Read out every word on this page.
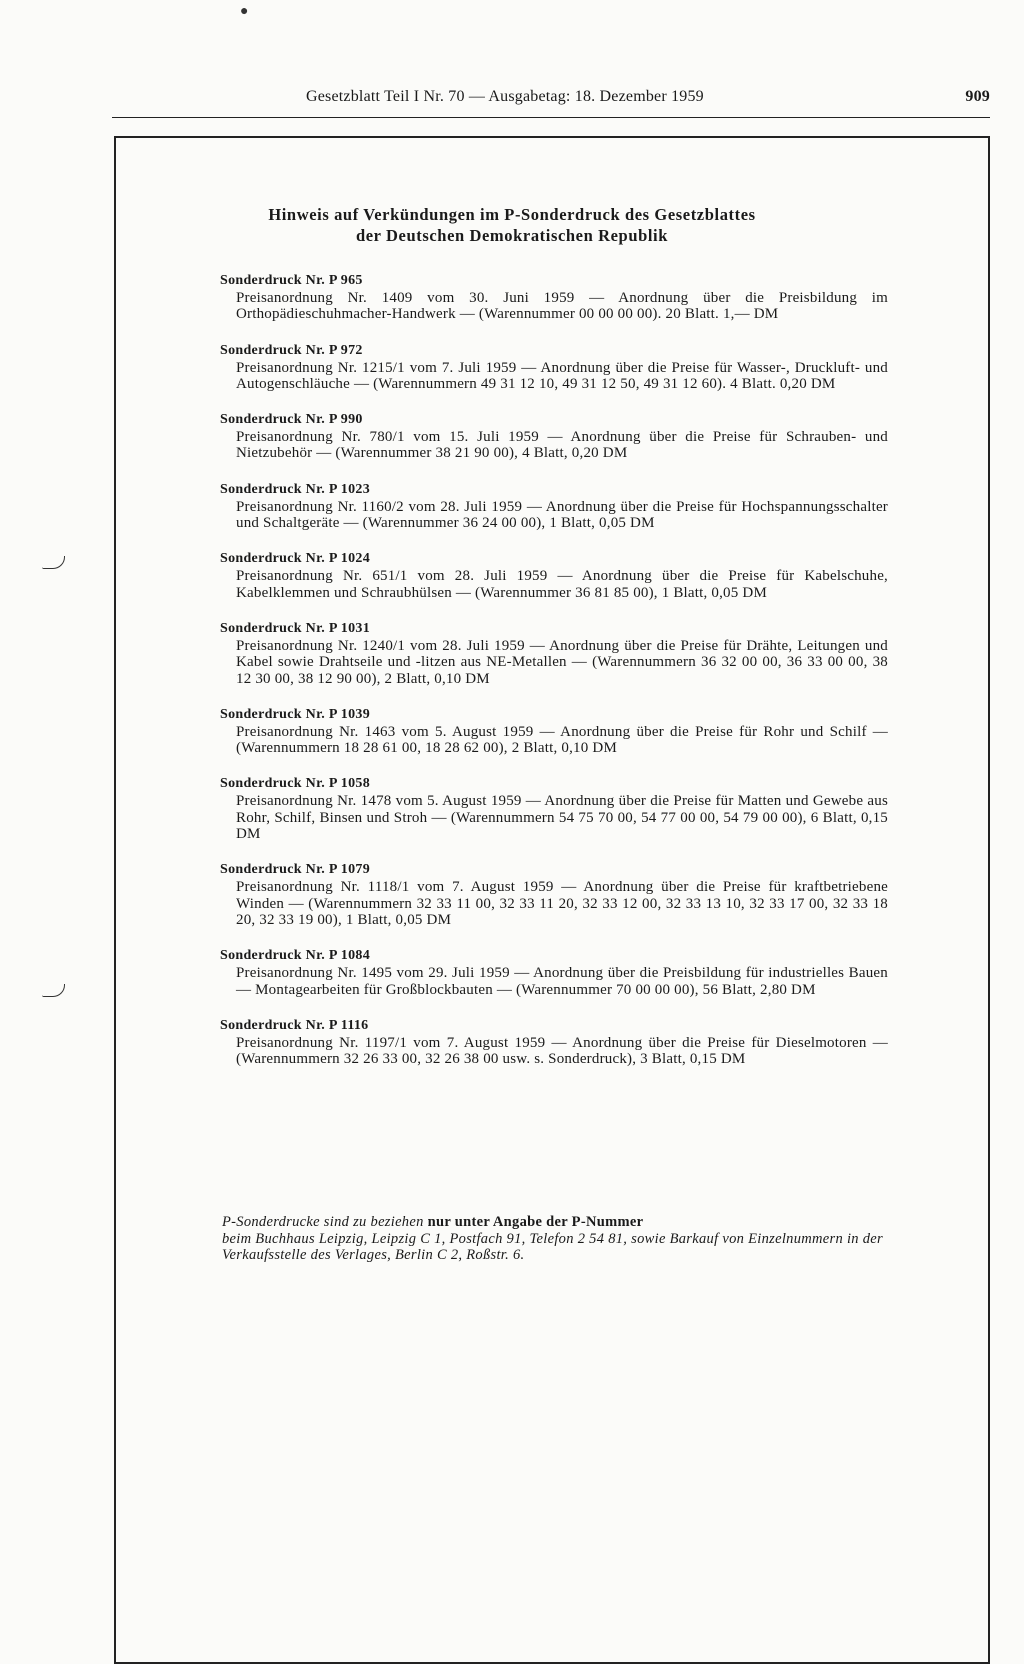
●
Gesetzblatt Teil I Nr. 70 — Ausgabetag: 18. Dezember 1959	909
Hinweis auf Verkündungen im P-Sonderdruck des Gesetzblattes
der Deutschen Demokratischen Republik
Sonderdruck Nr. P 965
Preisanordnung Nr. 1409 vom 30. Juni 1959 — Anordnung über die Preisbildung im Orthopädieschuhmacher-Handwerk — (Warennummer 00 00 00 00). 20 Blatt. 1,— DM
Sonderdruck Nr. P 972
Preisanordnung Nr. 1215/1 vom 7. Juli 1959 — Anordnung über die Preise für Wasser-, Druckluft- und Autogenschläuche — (Warennummern 49 31 12 10, 49 31 12 50, 49 31 12 60). 4 Blatt. 0,20 DM
Sonderdruck Nr. P 990
Preisanordnung Nr. 780/1 vom 15. Juli 1959 — Anordnung über die Preise für Schrauben- und Nietzubehör — (Warennummer 38 21 90 00), 4 Blatt, 0,20 DM
Sonderdruck Nr. P 1023
Preisanordnung Nr. 1160/2 vom 28. Juli 1959 — Anordnung über die Preise für Hochspannungsschalter und Schaltgeräte — (Warennummer 36 24 00 00), 1 Blatt, 0,05 DM
Sonderdruck Nr. P 1024
Preisanordnung Nr. 651/1 vom 28. Juli 1959 — Anordnung über die Preise für Kabelschuhe, Kabelklemmen und Schraubhülsen — (Warennummer 36 81 85 00), 1 Blatt, 0,05 DM
Sonderdruck Nr. P 1031
Preisanordnung Nr. 1240/1 vom 28. Juli 1959 — Anordnung über die Preise für Drähte, Leitungen und Kabel sowie Drahtseile und -litzen aus NE-Metallen — (Warennummern 36 32 00 00, 36 33 00 00, 38 12 30 00, 38 12 90 00), 2 Blatt, 0,10 DM
Sonderdruck Nr. P 1039
Preisanordnung Nr. 1463 vom 5. August 1959 — Anordnung über die Preise für Rohr und Schilf — (Warennummern 18 28 61 00, 18 28 62 00), 2 Blatt, 0,10 DM
Sonderdruck Nr. P 1058
Preisanordnung Nr. 1478 vom 5. August 1959 — Anordnung über die Preise für Matten und Gewebe aus Rohr, Schilf, Binsen und Stroh — (Warennummern 54 75 70 00, 54 77 00 00, 54 79 00 00), 6 Blatt, 0,15 DM
Sonderdruck Nr. P 1079
Preisanordnung Nr. 1118/1 vom 7. August 1959 — Anordnung über die Preise für kraftbetriebene Winden — (Warennummern 32 33 11 00, 32 33 11 20, 32 33 12 00, 32 33 13 10, 32 33 17 00, 32 33 18 20, 32 33 19 00), 1 Blatt, 0,05 DM
Sonderdruck Nr. P 1084
Preisanordnung Nr. 1495 vom 29. Juli 1959 — Anordnung über die Preisbildung für industrielles Bauen — Montagearbeiten für Großblockbauten — (Warennummer 70 00 00 00), 56 Blatt, 2,80 DM
Sonderdruck Nr. P 1116
Preisanordnung Nr. 1197/1 vom 7. August 1959 — Anordnung über die Preise für Dieselmotoren — (Warennummern 32 26 33 00, 32 26 38 00 usw. s. Sonderdruck), 3 Blatt, 0,15 DM
P-Sonderdrucke sind zu beziehen nur unter Angabe der P-Nummer
beim Buchhaus Leipzig, Leipzig C 1, Postfach 91, Telefon 2 54 81, sowie Barkauf von Einzelnummern in der Verkaufsstelle des Verlages, Berlin C 2, Roßstr. 6.
